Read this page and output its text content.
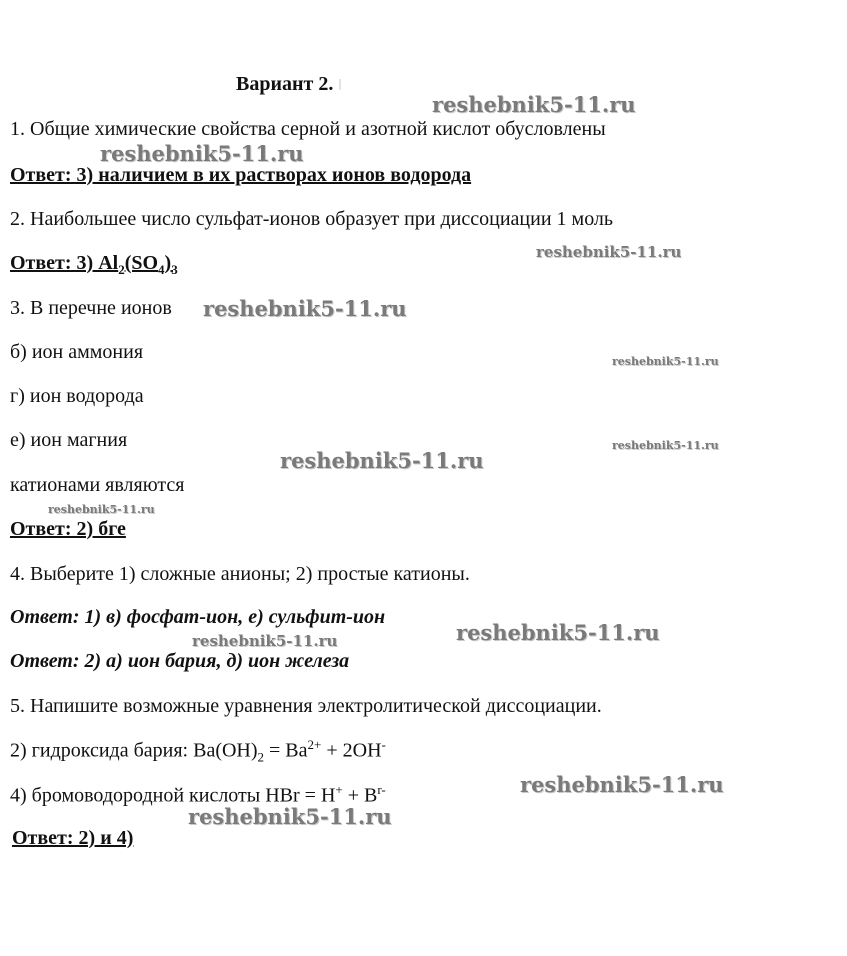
Вариант 2. ǀ
1. Общие химические свойства серной и азотной кислот обусловлены
Ответ: 3) наличием в их растворах ионов водорода
2. Наибольшее число сульфат-ионов образует при диссоциации 1 моль
Ответ: 3) $Al_2(SO_4)_3$
3. В перечне ионов
б) ион аммония
г) ион водорода
е) ион магния
катионами являются
Ответ: 2) бге
4. Выберите 1) сложные анионы; 2) простые катионы.
Ответ: 1) в) фосфат-ион, е) сульфит-ион
Ответ: 2) а) ион бария, д) ион железа
5. Напишите возможные уравнения электролитической диссоциации.
2) гидроксида бария: $Ba(OH)_2 = Ba^{2+} + 2OH^-$
4) бромоводородной кислоты HBr = $H^+ + B^{r-}$
Ответ: 2) и 4)
reshebnik5-11.ru
reshebnik5-11.ru
reshebnik5-11.ru
reshebnik5-11.ru
reshebnik5-11.ru
reshebnik5-11.ru
reshebnik5-11.ru
reshebnik5-11.ru
reshebnik5-11.ru
reshebnik5-11.ru
reshebnik5-11.ru
reshebnik5-11.ru
